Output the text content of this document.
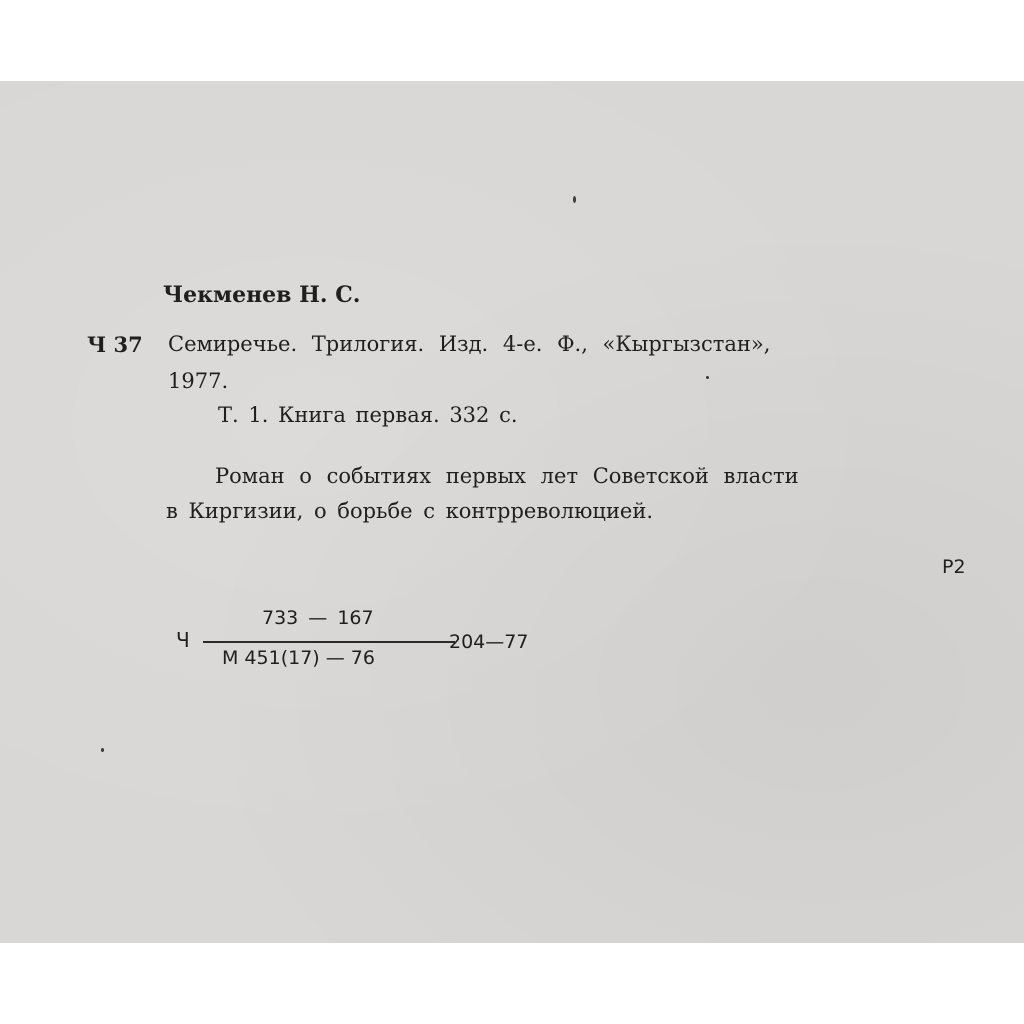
Чекменев Н. С.
Ч 37 Семиречье. Трилогия. Изд. 4-е. Ф., «Кыргызстан»,
1977.
Т. 1. Книга первая. 332 с.
Роман о событиях первых лет Советской власти
в Киргизии, о борьбе с контрреволюцией.
Р2
Ч
733 — 167
М 451(17) — 76
204—77
